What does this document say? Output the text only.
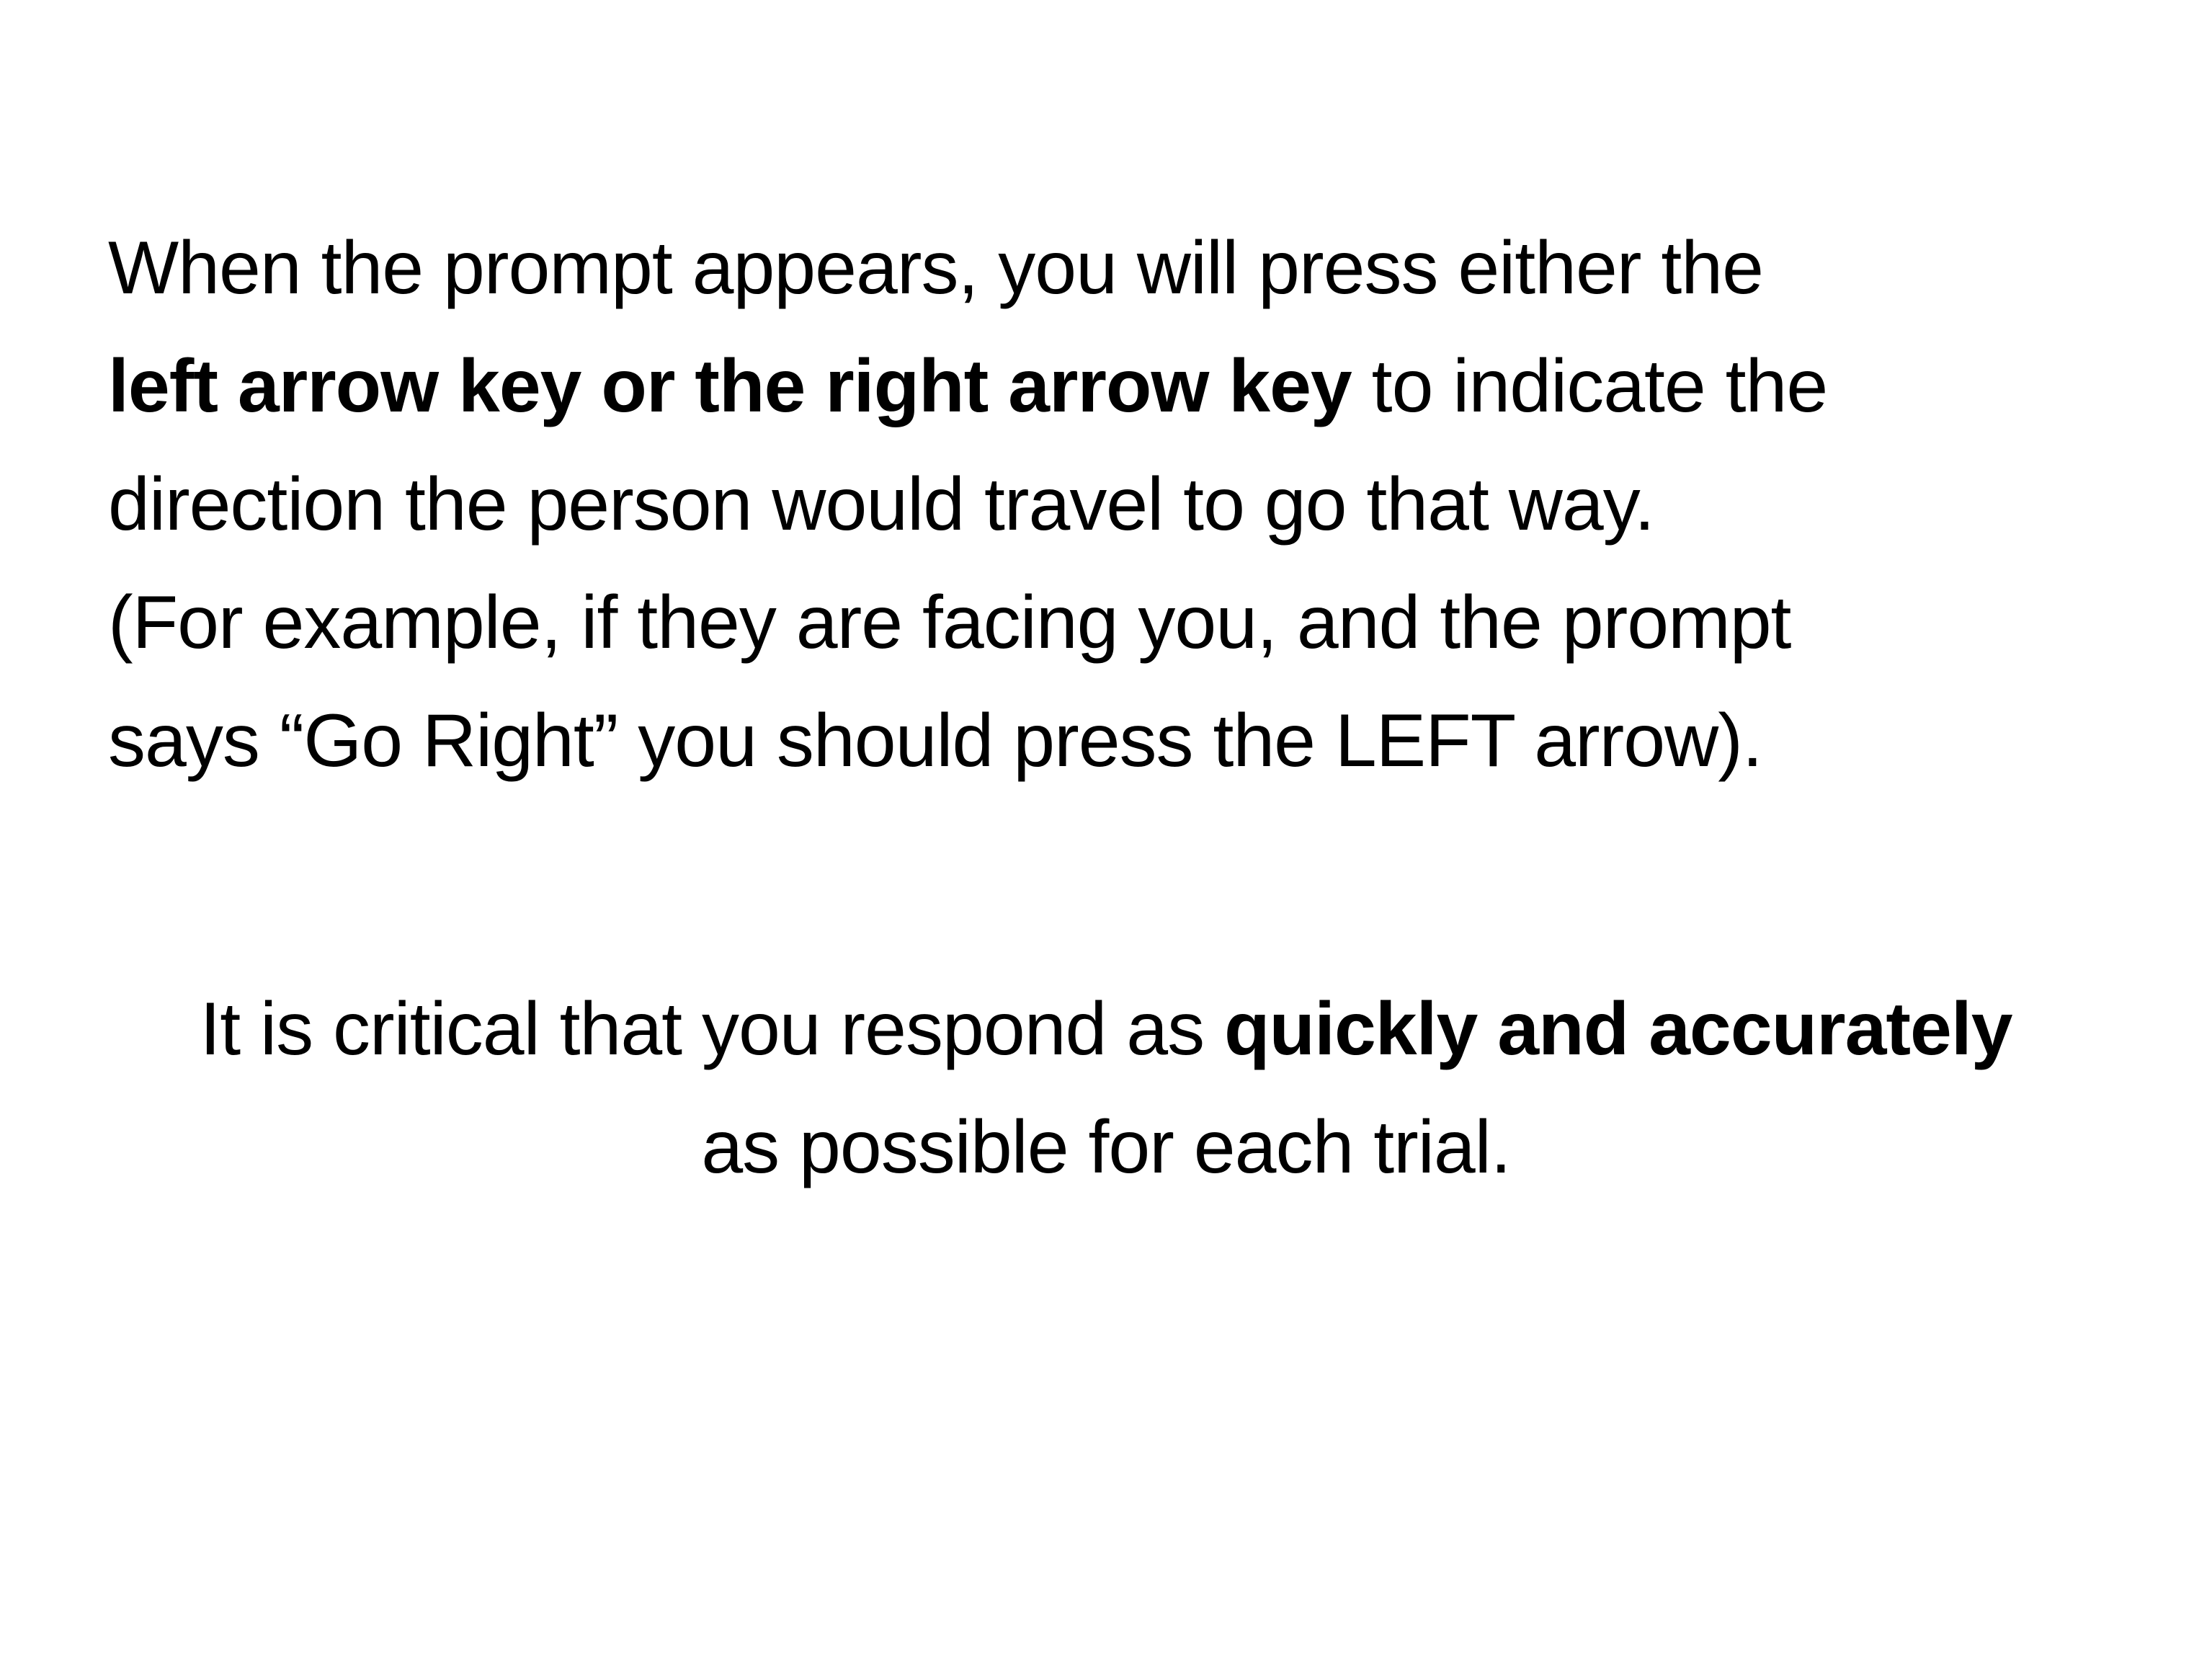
When the prompt appears, you will press either the
left arrow key or the right arrow key to indicate the
direction the person would travel to go that way.
(For example, if they are facing you, and the prompt
says “Go Right” you should press the LEFT arrow).
It is critical that you respond as quickly and accurately
as possible for each trial.
